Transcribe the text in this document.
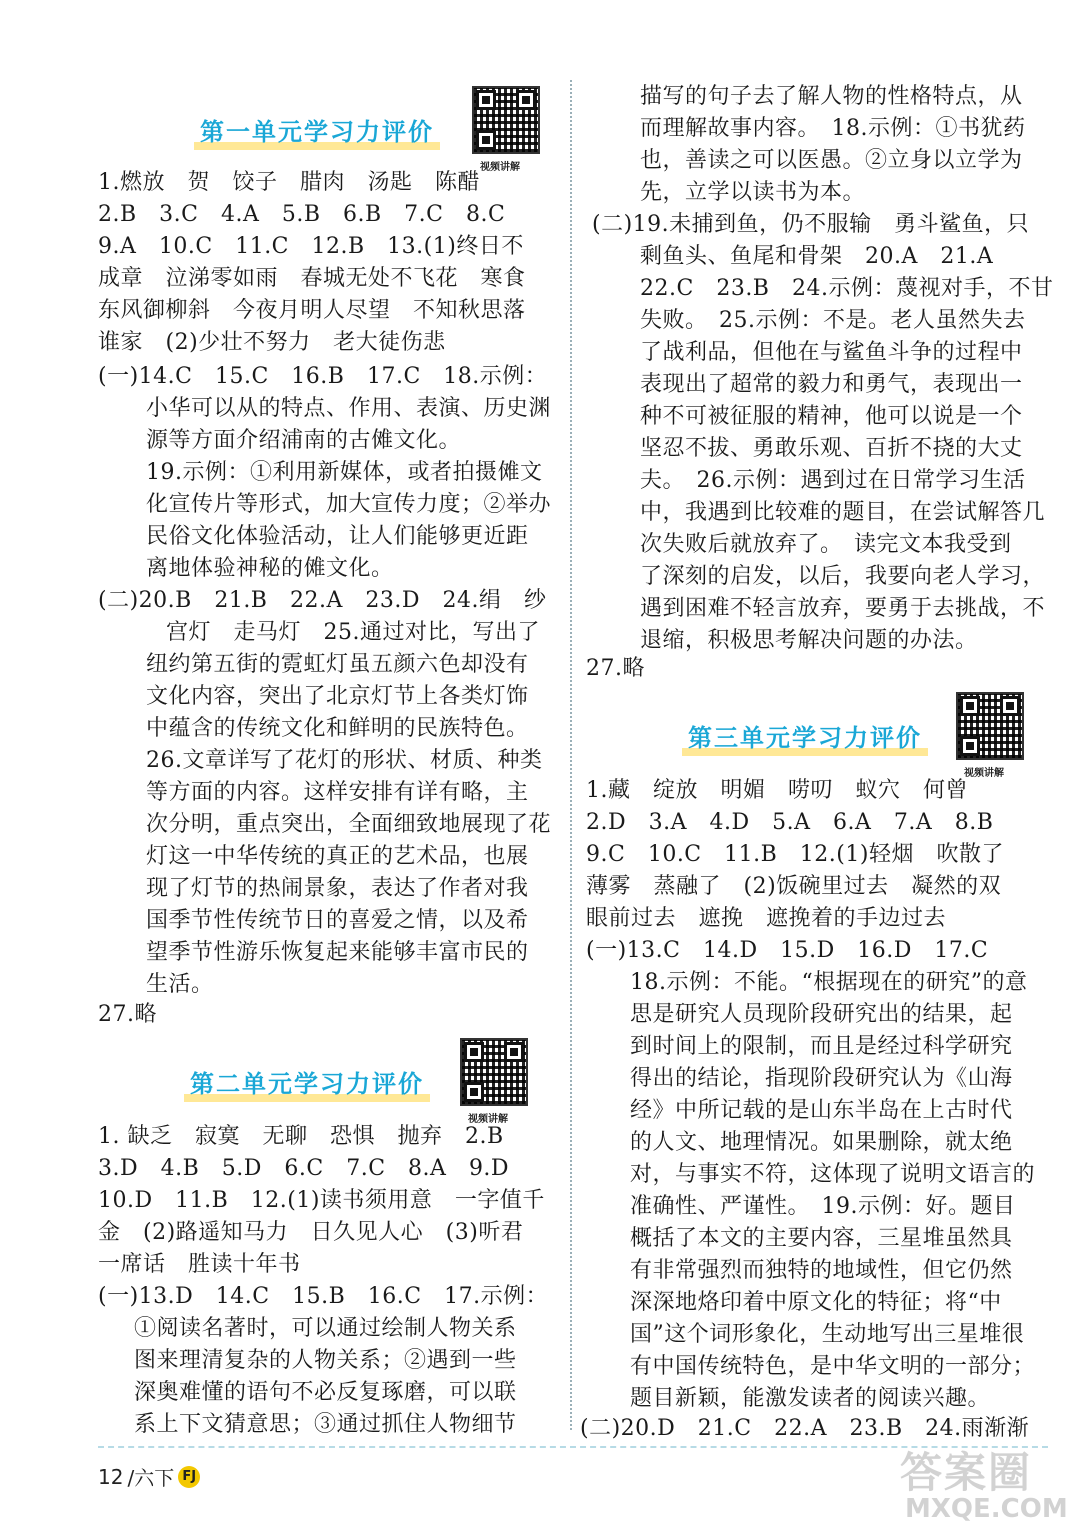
第一单元学习力评价
视频讲解
1.燃放　贺　饺子　腊肉　汤匙　陈醋
2.B　3.C　4.A　5.B　6.B　7.C　8.C
9.A　10.C　11.C　12.B　13.(1)终日不
成章　泣涕零如雨　春城无处不飞花　寒食
东风御柳斜　今夜月明人尽望　不知秋思落
谁家　(2)少壮不努力　老大徒伤悲
(一)14.C　15.C　16.B　17.C　18.示例：
小华可以从的特点、作用、表演、历史渊
源等方面介绍浦南的古傩文化。
19.示例：①利用新媒体，或者拍摄傩文
化宣传片等形式，加大宣传力度；②举办
民俗文化体验活动，让人们能够更近距
离地体验神秘的傩文化。
(二)20.B　21.B　22.A　23.D　24.绢　纱
宫灯　走马灯　25.通过对比，写出了
纽约第五街的霓虹灯虽五颜六色却没有
文化内容，突出了北京灯节上各类灯饰
中蕴含的传统文化和鲜明的民族特色。
26.文章详写了花灯的形状、材质、种类
等方面的内容。这样安排有详有略，主
次分明，重点突出，全面细致地展现了花
灯这一中华传统的真正的艺术品，也展
现了灯节的热闹景象，表达了作者对我
国季节性传统节日的喜爱之情，以及希
望季节性游乐恢复起来能够丰富市民的
生活。
27.略
第二单元学习力评价
视频讲解
1. 缺乏　寂寞　无聊　恐惧　抛弃　2.B
3.D　4.B　5.D　6.C　7.C　8.A　9.D
10.D　11.B　12.(1)读书须用意　一字值千
金　(2)路遥知马力　日久见人心　(3)听君
一席话　胜读十年书
(一)13.D　14.C　15.B　16.C　17.示例：
①阅读名著时，可以通过绘制人物关系
图来理清复杂的人物关系；②遇到一些
深奥难懂的语句不必反复琢磨，可以联
系上下文猜意思；③通过抓住人物细节
描写的句子去了解人物的性格特点，从
而理解故事内容。　18.示例：①书犹药
也，善读之可以医愚。②立身以立学为
先，立学以读书为本。
(二)19.未捕到鱼，仍不服输　勇斗鲨鱼，只
剩鱼头、鱼尾和骨架　20.A　21.A
22.C　23.B　24.示例：蔑视对手，不甘
失败。　25.示例：不是。老人虽然失去
了战利品，但他在与鲨鱼斗争的过程中
表现出了超常的毅力和勇气，表现出一
种不可被征服的精神，他可以说是一个
坚忍不拔、勇敢乐观、百折不挠的大丈
夫。　26.示例：遇到过在日常学习生活
中，我遇到比较难的题目，在尝试解答几
次失败后就放弃了。　读完文本我受到
了深刻的启发，以后，我要向老人学习，
遇到困难不轻言放弃，要勇于去挑战，不
退缩，积极思考解决问题的办法。
27.略
第三单元学习力评价
视频讲解
1.藏　绽放　明媚　唠叨　蚁穴　何曾
2.D　3.A　4.D　5.A　6.A　7.A　8.B
9.C　10.C　11.B　12.(1)轻烟　吹散了
薄雾　蒸融了　(2)饭碗里过去　凝然的双
眼前过去　遮挽　遮挽着的手边过去
(一)13.C　14.D　15.D　16.D　17.C
18.示例：不能。“根据现在的研究”的意
思是研究人员现阶段研究出的结果，起
到时间上的限制，而且是经过科学研究
得出的结论，指现阶段研究认为《山海
经》中所记载的是山东半岛在上古时代
的人文、地理情况。如果删除，就太绝
对，与事实不符，这体现了说明文语言的
准确性、严谨性。　19.示例：好。题目
概括了本文的主要内容，三星堆虽然具
有非常强烈而独特的地域性，但它仍然
深深地烙印着中原文化的特征；将“中
国”这个词形象化，生动地写出三星堆很
有中国传统特色，是中华文明的一部分；
题目新颖，能激发读者的阅读兴趣。
(二)20.D　21.C　22.A　23.B　24.雨渐渐
12 /六下 FJ	答案圈
MXQE.COM
